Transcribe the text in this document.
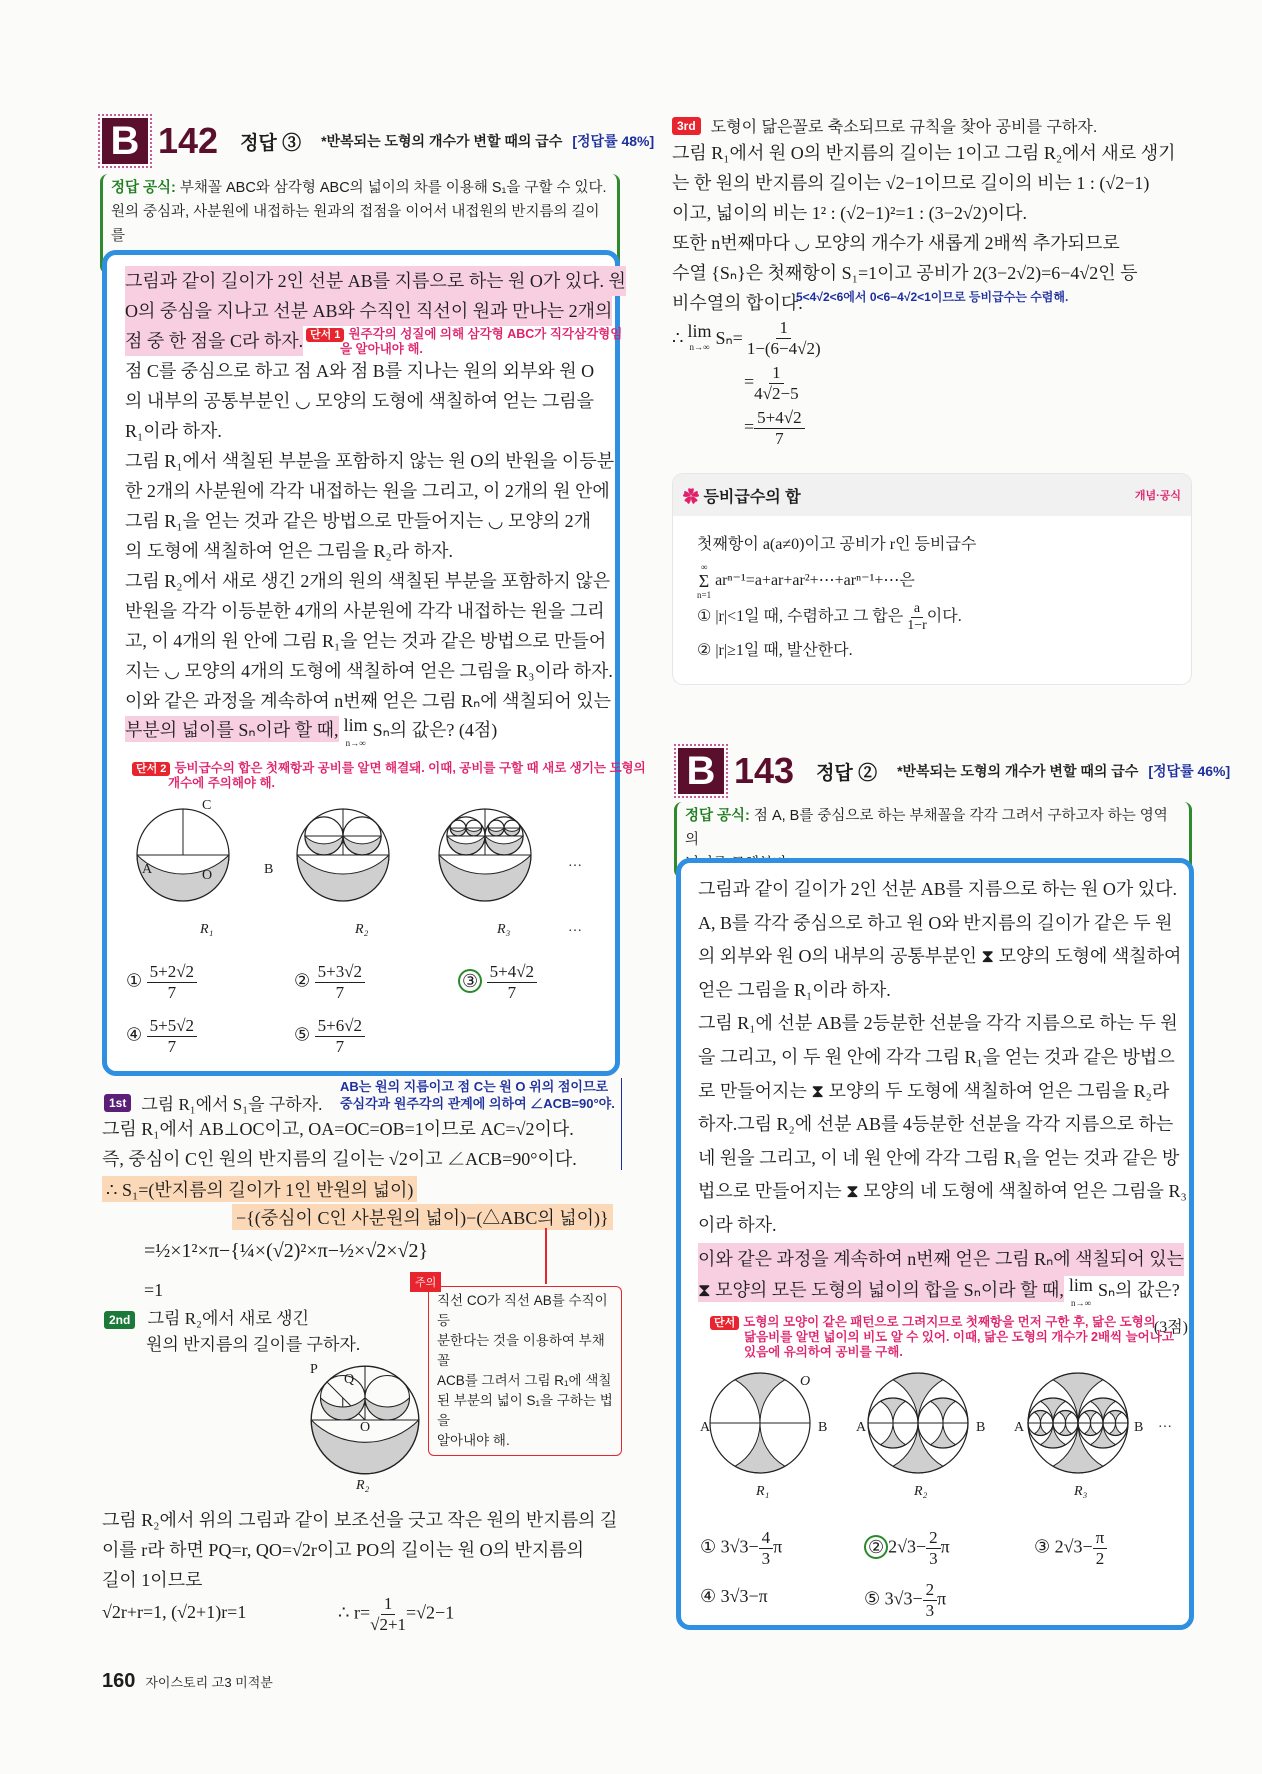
B 142 정답 ③ *반복되는 도형의 개수가 변할 때의 급수 [정답률 48%]
정답 공식: 부채꼴 ABC와 삼각형 ABC의 넓이의 차를 이용해 S₁을 구할 수 있다.
원의 중심과, 사분원에 내접하는 원과의 접점을 이어서 내접원의 반지름의 길이를
그림과 같이 길이가 2인 선분 AB를 지름으로 하는 원 O가 있다. 원
O의 중심을 지나고 선분 AB와 수직인 직선이 원과 만나는 2개의
점 중 한 점을 C라 하자.
점 C를 중심으로 하고 점 A와 점 B를 지나는 원의 외부와 원 O
의 내부의 공통부분인 ◡ 모양의 도형에 색칠하여 얻는 그림을
R₁이라 하자.
그림 R₁에서 색칠된 부분을 포함하지 않는 원 O의 반원을 이등분
한 2개의 사분원에 각각 내접하는 원을 그리고, 이 2개의 원 안에
그림 R₁을 얻는 것과 같은 방법으로 만들어지는 ◡ 모양의 2개
의 도형에 색칠하여 얻은 그림을 R₂라 하자.
그림 R₂에서 새로 생긴 2개의 원의 색칠된 부분을 포함하지 않은
반원을 각각 이등분한 4개의 사분원에 각각 내접하는 원을 그리
고, 이 4개의 원 안에 그림 R₁을 얻는 것과 같은 방법으로 만들어
지는 ◡ 모양의 4개의 도형에 색칠하여 얻은 그림을 R₃이라 하자.
이와 같은 과정을 계속하여 n번째 얻은 그림 Rₙ에 색칠되어 있는
단서 1 원주각의 성질에 의해 삼각형 ABC가 직각삼각형임
을 알아내야 해.
부분의 넓이를 Sₙ이라 할 때, lim
n→∞
Sₙ의 값은? (4점)
단서 2 등비급수의 합은 첫째항과 공비를 알면 해결돼. 이때, 공비를 구할 때 새로 생기는 도형의
개수에 주의해야 해.
C
A	O	B	…
R₁	R₂	R₃	…
① $\frac{5+2√2}{7}$	② $\frac{5+3√2}{7}$	③ $\frac{5+4√2}{7}$
④ $\frac{5+5√2}{7}$	⑤ $\frac{5+6√2}{7}$
1st 그림 R₁에서 S₁을 구하자.
AB는 원의 지름이고 점 C는 원 O 위의 점이므로
중심각과 원주각의 관계에 의하여 ∠ACB=90°야.
그림 R₁에서 AB⊥OC이고, OA=OC=OB=1이므로 AC=√2이다.
즉, 중심이 C인 원의 반지름의 길이는 √2이고 ∠ACB=90°이다.
∴ S₁=(반지름의 길이가 1인 반원의 넓이)
−{(중심이 C인 사분원의 넓이)−(△ABC의 넓이)}
=½×1²×π−{¼×(√2)²×π−½×√2×√2}
=1
직선 CO가 직선 AB를 수직이등
분한다는 것을 이용하여 부채꼴
ACB를 그려서 그림 R₁에 색칠
된 부분의 넓이 S₁을 구하는 법을
알아내야 해.
주의
2nd 그림 R₂에서 새로 생긴
원의 반지름의 길이를 구하자.
P
Q
O
R₂
그림 R₂에서 위의 그림과 같이 보조선을 긋고 작은 원의 반지름의 길
이를 r라 하면 PQ=r, QO=√2r이고 PO의 길이는 원 O의 반지름의
길이 1이므로
√2r+r=1, (√2+1)r=1	∴ $r= \frac{1}{√2+1} =√2-1$
160 자이스토리 고3 미적분
3rd 도형이 닮은꼴로 축소되므로 규칙을 찾아 공비를 구하자.
그림 R₁에서 원 O의 반지름의 길이는 1이고 그림 R₂에서 새로 생기
는 한 원의 반지름의 길이는 √2−1이므로 길이의 비는 1 : (√2−1)
이고, 넓이의 비는 1² : (√2−1)²=1 : (3−2√2)이다.
또한 n번째마다 ◡ 모양의 개수가 새롭게 2배씩 추가되므로
수열 {Sₙ}은 첫째항이 S₁=1이고 공비가 2(3−2√2)=6−4√2인 등
비수열의 합이다.
5<4√2<6에서 0<6−4√2<1이므로 등비급수는 수렴해.
∴ lim
n→∞ $S_n= \frac{1}{1-(6-4√2)}$
= $\frac{1}{4√2-5}$
= $\frac{5+4√2}{7}$
✿ 등비급수의 합	개념·공식
첫째항이 a(a≠0)이고 공비가 r인 등비급수
∞
Σ
n=1
arⁿ⁻¹=a+ar+ar²+⋯+arⁿ⁻¹+⋯은
① |r|<1일 때, 수렴하고 그 합은 $\frac{a}{1-r}$ 이다.
② |r|≥1일 때, 발산한다.
B 143 정답 ② *반복되는 도형의 개수가 변할 때의 급수 [정답률 46%]
정답 공식: 점 A, B를 중심으로 하는 부채꼴을 각각 그려서 구하고자 하는 영역의
그림과 같이 길이가 2인 선분 AB를 지름으로 하는 원 O가 있다.
A, B를 각각 중심으로 하고 원 O와 반지름의 길이가 같은 두 원
의 외부와 원 O의 내부의 공통부분인 ⧗ 모양의 도형에 색칠하여
얻은 그림을 R₁이라 하자.
그림 R₁에 선분 AB를 2등분한 선분을 각각 지름으로 하는 두 원
을 그리고, 이 두 원 안에 각각 그림 R₁을 얻는 것과 같은 방법으
로 만들어지는 ⧗ 모양의 두 도형에 색칠하여 얻은 그림을 R₂라
하자.그림 R₂에 선분 AB를 4등분한 선분을 각각 지름으로 하는
네 원을 그리고, 이 네 원 안에 각각 그림 R₁을 얻는 것과 같은 방
법으로 만들어지는 ⧗ 모양의 네 도형에 색칠하여 얻은 그림을 R₃
이라 하자.
이와 같은 과정을 계속하여 n번째 얻은 그림 Rₙ에 색칠되어 있는
⧗ 모양의 모든 도형의 넓이의 합을 Sₙ이라 할 때, lim
n→∞
Sₙ의 값은?
단서 도형의 모양이 같은 패턴으로 그려지므로 첫째항을 먼저 구한 후, 닮은 도형의
닮음비를 알면 넓이의 비도 알 수 있어. 이때, 닮은 도형의 개수가 2배씩 늘어나고
있음에 유의하여 공비를 구해.
(3점)
A	B
O
A	B A	B …
R₁	R₂	R₃
① $3√3- \frac{4}{3}$ π	② $2√3- \frac{2}{3}$ π	③ $2√3- \frac{\pi}{2}$
④ 3√3−π	⑤ $3√3- \frac{2}{3}$ π
